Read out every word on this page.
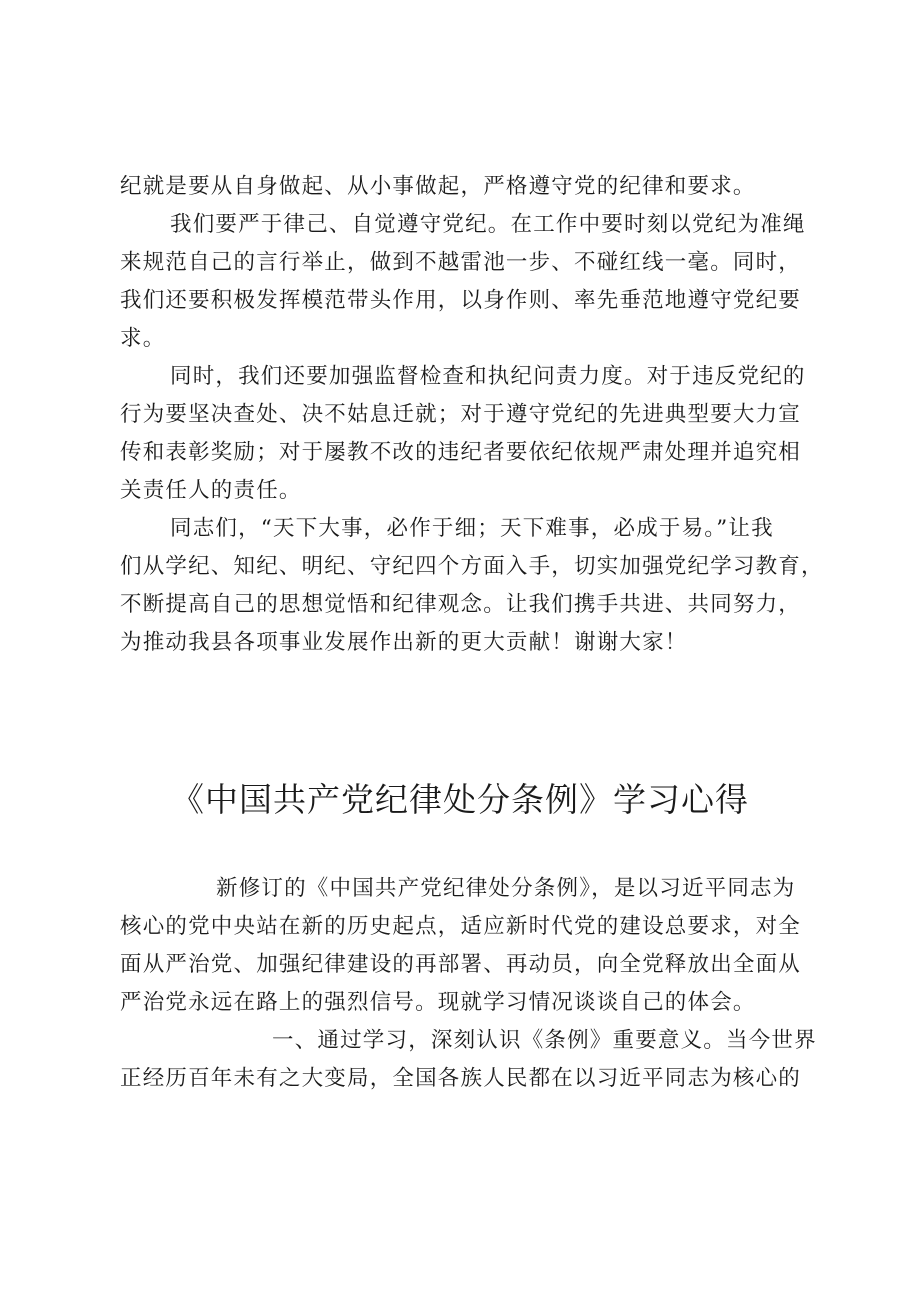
纪就是要从自身做起、从小事做起，严格遵守党的纪律和要求。
我们要严于律己、自觉遵守党纪。在工作中要时刻以党纪为准绳
来规范自己的言行举止，做到不越雷池一步、不碰红线一毫。同时，
我们还要积极发挥模范带头作用，以身作则、率先垂范地遵守党纪要
求。
同时，我们还要加强监督检查和执纪问责力度。对于违反党纪的
行为要坚决查处、决不姑息迁就；对于遵守党纪的先进典型要大力宣
传和表彰奖励；对于屡教不改的违纪者要依纪依规严肃处理并追究相
关责任人的责任。
同志们，“天下大事，必作于细；天下难事，必成于易。”让我
们从学纪、知纪、明纪、守纪四个方面入手，切实加强党纪学习教育，
不断提高自己的思想觉悟和纪律观念。让我们携手共进、共同努力，
为推动我县各项事业发展作出新的更大贡献！谢谢大家！
《中国共产党纪律处分条例》学习心得
新修订的《中国共产党纪律处分条例》，是以习近平同志为
核心的党中央站在新的历史起点，适应新时代党的建设总要求，对全
面从严治党、加强纪律建设的再部署、再动员，向全党释放出全面从
严治党永远在路上的强烈信号。现就学习情况谈谈自己的体会。
一、通过学习，深刻认识《条例》重要意义。当今世界
正经历百年未有之大变局，全国各族人民都在以习近平同志为核心的
